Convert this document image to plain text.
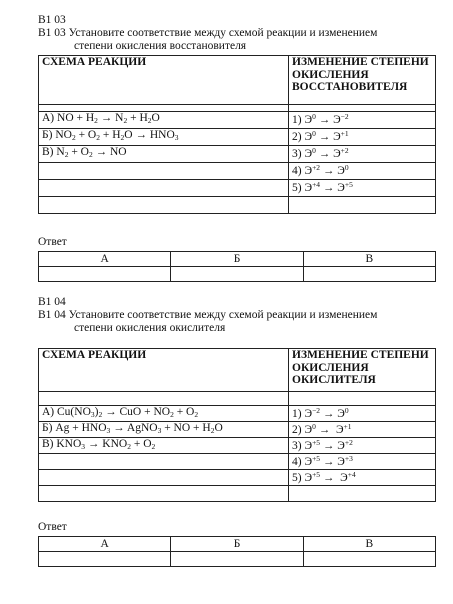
B1 03
B1 03 Установите соответствие между схемой реакции и изменением
степени окисления восстановителя
СХЕМА РЕАКЦИИ	ИЗМЕНЕНИЕ СТЕПЕНИ
ОКИСЛЕНИЯ
ВОССТАНОВИТЕЛЯ

А) NO + $H_2 \to N_2 + H_2O$	1) $Э^0 \to Э^{-2}$
Б) $NO_2 + O_2 + H_2O \to HNO_3$	2) $Э^0 \to Э^{+1}$
В) $N_2 + O_2$ → NO	3) $Э^0 \to Э^{+2}$
	4) $Э^{+2} \to Э^0$
	5) $Э^{+4} \to Э^{+5}$

Ответ
А	Б	В

B1 04
B1 04 Установите соответствие между схемой реакции и изменением
степени окисления окислителя
СХЕМА РЕАКЦИИ	ИЗМЕНЕНИЕ СТЕПЕНИ
ОКИСЛЕНИЯ
ОКИСЛИТЕЛЯ

А) $Cu(NO_3)_2$ → CuO + $NO_2 + O_2$	1) $Э^{-2} \to Э^0$
Б) $Ag + HNO_3$ → AgNO$_3$ + NO + $H_2O$	2) $Э^0 \to Э^{+1}$
В) $KNO_3 \to KNO_2 + O_2$	3) $Э^{+5} \to Э^{+2}$
	4) $Э^{+5} \to Э^{+3}$
	5) $Э^{+5} \to Э^{+4}$

Ответ
А	Б	В
